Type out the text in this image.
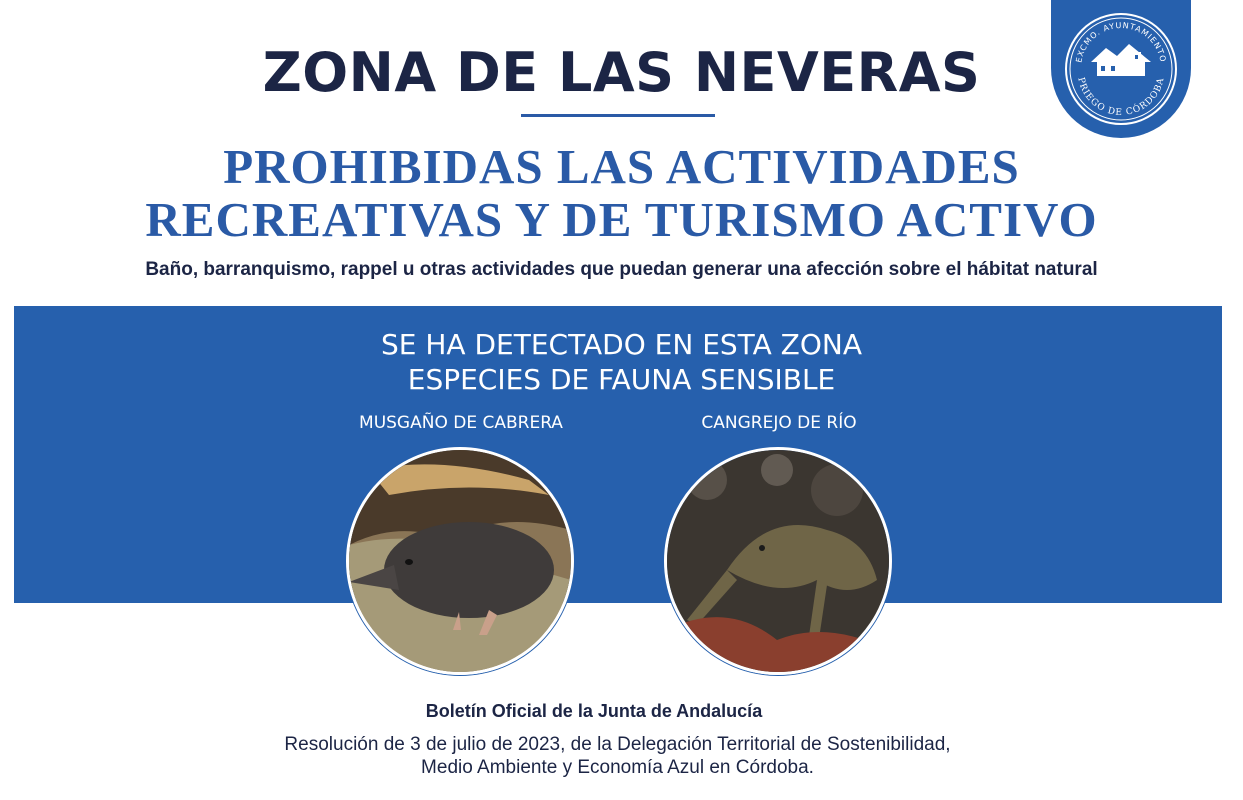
ZONA DE LAS NEVERAS
PROHIBIDAS LAS ACTIVIDADES
RECREATIVAS Y DE TURISMO ACTIVO
Baño, barranquismo, rappel u otras actividades que puedan generar una afección sobre el hábitat natural
EXCMO. AYUNTAMIENTO
PRIEGO DE CÓRDOBA
SE HA DETECTADO EN ESTA ZONA
ESPECIES DE FAUNA SENSIBLE
MUSGAÑO DE CABRERA	CANGREJO DE RÍO
Boletín Oficial de la Junta de Andalucía
Resolución de 3 de julio de 2023, de la Delegación Territorial de Sostenibilidad,
Medio Ambiente y Economía Azul en Córdoba.
